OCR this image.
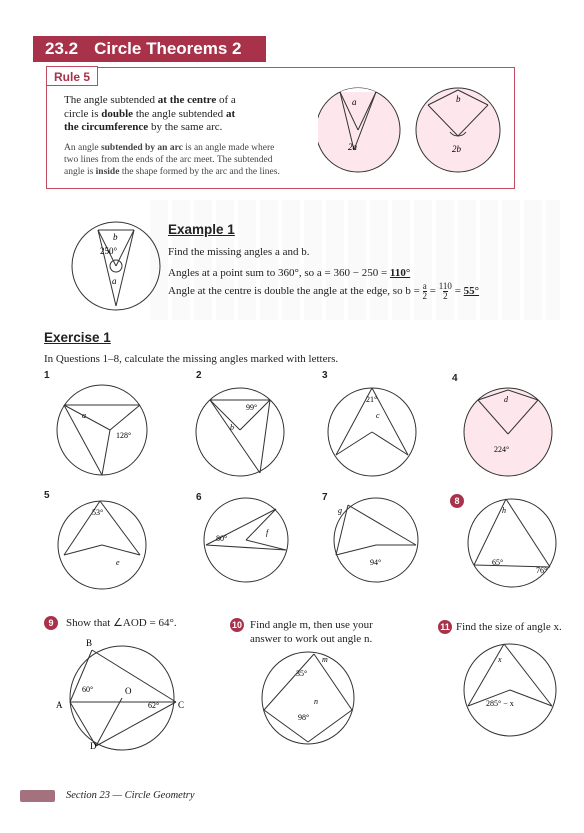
23.2 Circle Theorems 2
Rule 5
The angle subtended at the centre of a
circle is double the angle subtended at
the circumference by the same arc.
An angle subtended by an arc is an angle made where
two lines from the ends of the arc meet. The subtended
angle is inside the shape formed by the arc and the lines.
a
2a
b
2b
b
250°
a
Example 1
Find the missing angles a and b.
Angles at a point sum to 360°, so a = 360 − 250 = 110°
Angle at the centre is double the angle at the edge, so $b = \frac{a}{2} = \frac{110}{2} = 55^\circ$
Exercise 1
In Questions 1–8, calculate the missing angles marked with letters.
1	2	3	4
a
128°
99°
b
21°
c
d
224°
5	6	7	8
53°
e
80°
f
g
94°	65°
76°
h
9	Show that ∠AOD = 64°.	10 Find angle m, then use your
answer to work out angle n.
11 Find the size of angle x.
B
A	C
D
O
60°
62°
35°
m
n
98°
x
285° − x
Section 23 — Circle Geometry
